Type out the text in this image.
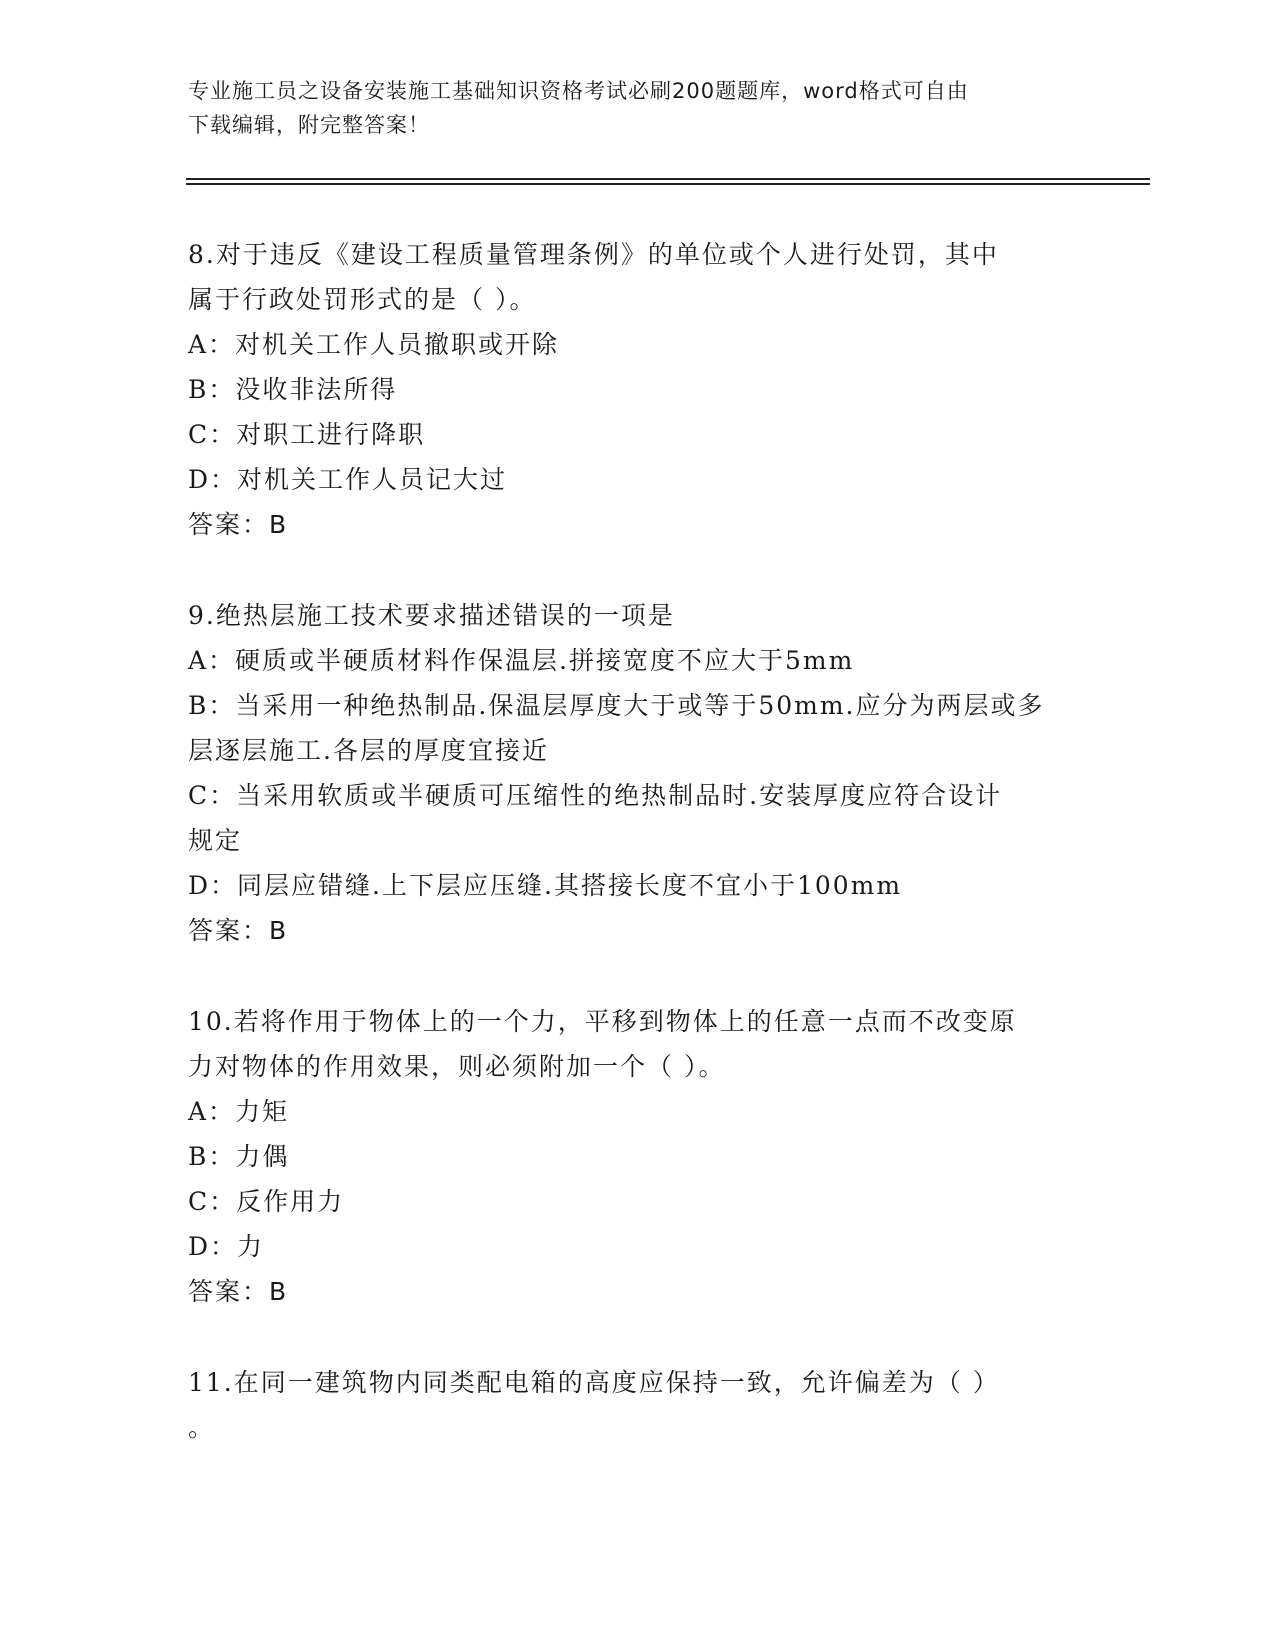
专业施工员之设备安装施工基础知识资格考试必刷200题题库，word格式可自由
下载编辑，附完整答案！
8.对于违反《建设工程质量管理条例》的单位或个人进行处罚，其中
属于行政处罚形式的是（ ）。
A：对机关工作人员撤职或开除
B：没收非法所得
C：对职工进行降职
D：对机关工作人员记大过
答案：B
9.绝热层施工技术要求描述错误的一项是
A：硬质或半硬质材料作保温层.拼接宽度不应大于5mm
B：当采用一种绝热制品.保温层厚度大于或等于50mm.应分为两层或多
层逐层施工.各层的厚度宜接近
C：当采用软质或半硬质可压缩性的绝热制品时.安装厚度应符合设计
规定
D：同层应错缝.上下层应压缝.其搭接长度不宜小于100mm
答案：B
10.若将作用于物体上的一个力，平移到物体上的任意一点而不改变原
力对物体的作用效果，则必须附加一个（ ）。
A：力矩
B：力偶
C：反作用力
D：力
答案：B
11.在同一建筑物内同类配电箱的高度应保持一致，允许偏差为（ ）
。
